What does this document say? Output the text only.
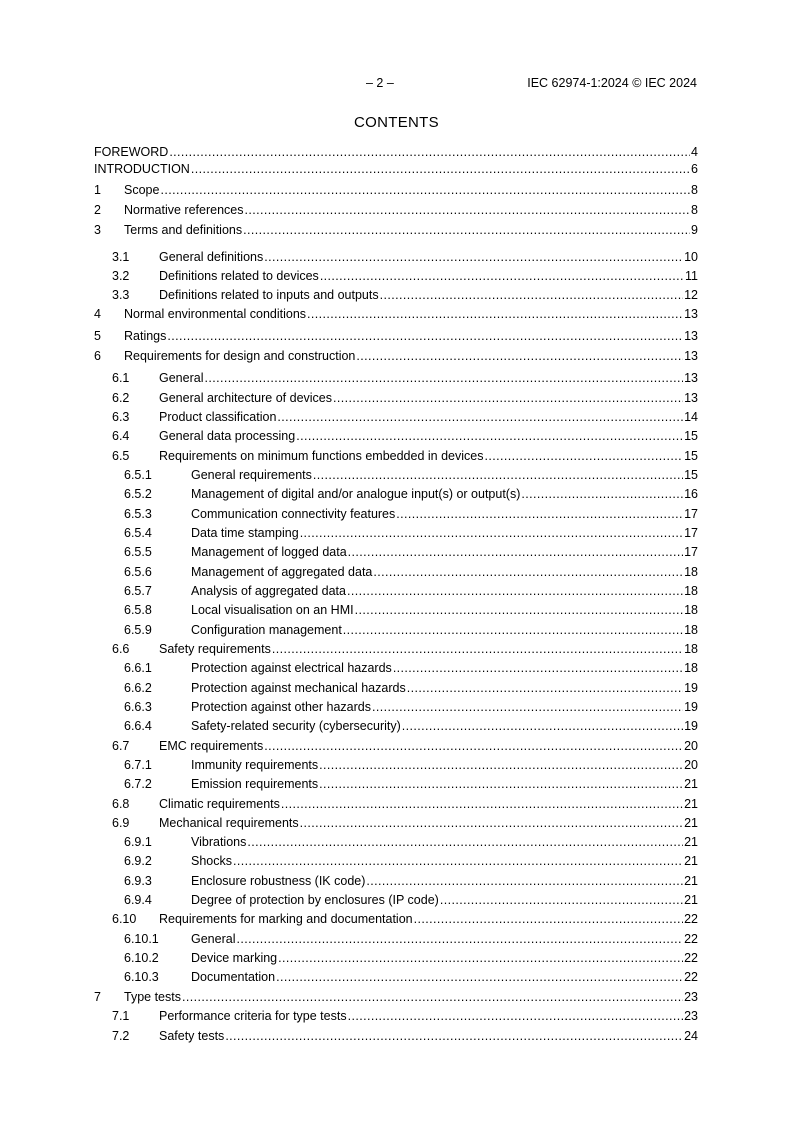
– 2 –	IEC 62974-1:2024 © IEC 2024
CONTENTS
FOREWORD .....	4
INTRODUCTION .....	6
1	Scope .....	8
2	Normative references .....	8
3	Terms and definitions .....	9
3.1	General definitions .....	10
3.2	Definitions related to devices .....	11
3.3	Definitions related to inputs and outputs .....	12
4	Normal environmental conditions .....	13
5	Ratings .....	13
6	Requirements for design and construction .....	13
6.1	General .....	13
6.2	General architecture of devices .....	13
6.3	Product classification .....	14
6.4	General data processing .....	15
6.5	Requirements on minimum functions embedded in devices .....	15
6.5.1	General requirements .....	15
6.5.2	Management of digital and/or analogue input(s) or output(s) .....	16
6.5.3	Communication connectivity features .....	17
6.5.4	Data time stamping .....	17
6.5.5	Management of logged data .....	17
6.5.6	Management of aggregated data .....	18
6.5.7	Analysis of aggregated data .....	18
6.5.8	Local visualisation on an HMI .....	18
6.5.9	Configuration management .....	18
6.6	Safety requirements .....	18
6.6.1	Protection against electrical hazards .....	18
6.6.2	Protection against mechanical hazards .....	19
6.6.3	Protection against other hazards .....	19
6.6.4	Safety-related security (cybersecurity) .....	19
6.7	EMC requirements .....	20
6.7.1	Immunity requirements .....	20
6.7.2	Emission requirements .....	21
6.8	Climatic requirements .....	21
6.9	Mechanical requirements .....	21
6.9.1	Vibrations .....	21
6.9.2	Shocks .....	21
6.9.3	Enclosure robustness (IK code) .....	21
6.9.4	Degree of protection by enclosures (IP code) .....	21
6.10	Requirements for marking and documentation .....	22
6.10.1	General .....	22
6.10.2	Device marking .....	22
6.10.3	Documentation .....	22
7	Type tests .....	23
7.1	Performance criteria for type tests .....	23
7.2	Safety tests .....	24
